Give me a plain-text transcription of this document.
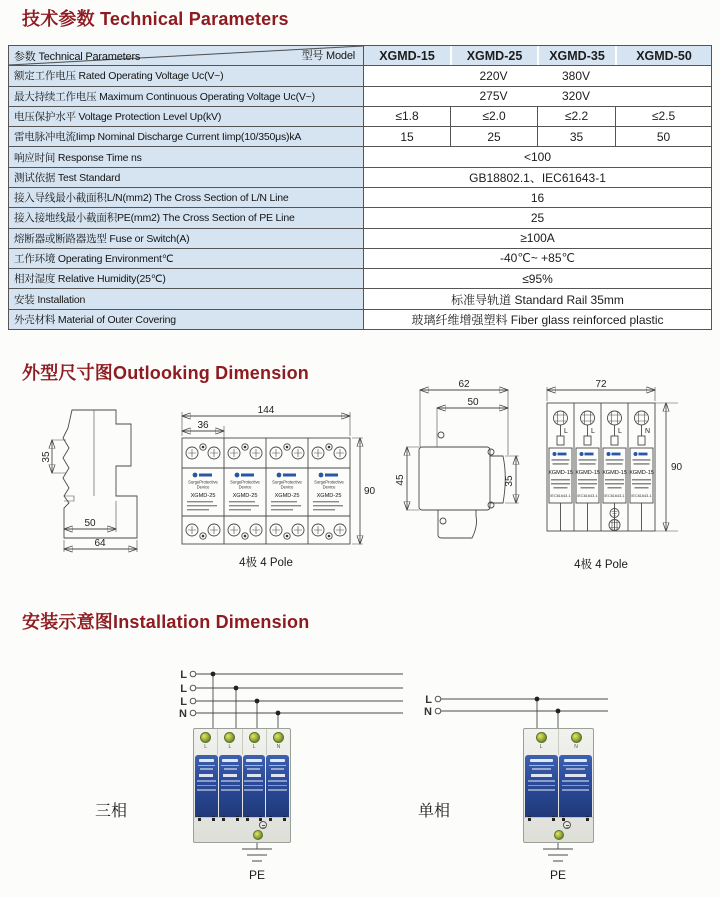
技术参数 Technical Parameters
型号 Model
参数 Technical Parameters	XGMD-15	XGMD-25	XGMD-35	XGMD-50
额定工作电压 Rated Operating Voltage Uc(V~)	220V	380V
最大持续工作电压 Maximum Continuous Operating Voltage Uc(V~)	275V	320V
电压保护水平 Voltage Protection Level Up(kV)	≤1.8	≤2.0	≤2.2	≤2.5
雷电脉冲电流Iimp Nominal Discharge Current Iimp(10/350μs)kA	15	25	35	50
响应时间 Response Time ns	<100
测试依据 Test Standard	GB18802.1、IEC61643-1
接入导线最小截面积L/N(mm2) The Cross Section of L/N Line	16
接入接地线最小截面积PE(mm2) The Cross Section of PE Line	25
熔断器或断路器选型 Fuse or Switch(A)	≥100A
工作环境 Operating Environment℃	-40℃~ +85℃
相对湿度 Relative Humidity(25℃)	≤95%
安装 Installation	标准导轨道 Standard Rail 35mm
外壳材料 Material of Outer Covering	玻璃纤维增强塑料 Fiber glass reinforced plastic
外型尺寸图Outlooking Dimension
35
50
64
144
36
SurgeProtective
Device
XGMD-25
SurgeProtective
Device
XGMD-25
SurgeProtective
Device
XGMD-25
SurgeProtective
Device
XGMD-25 90
4极 4 Pole
62
50
35
45
72
L
XGMD-15
IEC61643-1
L
XGMD-15
IEC61643-1
L
XGMD-15
IEC61643-1
N
XGMD-15
IEC61643-1
90
4极 4 Pole
安装示意图Installation Dimension
L
L
L
N
PE
三相
L
N
PE
单相
L	L	L	N	L	N
